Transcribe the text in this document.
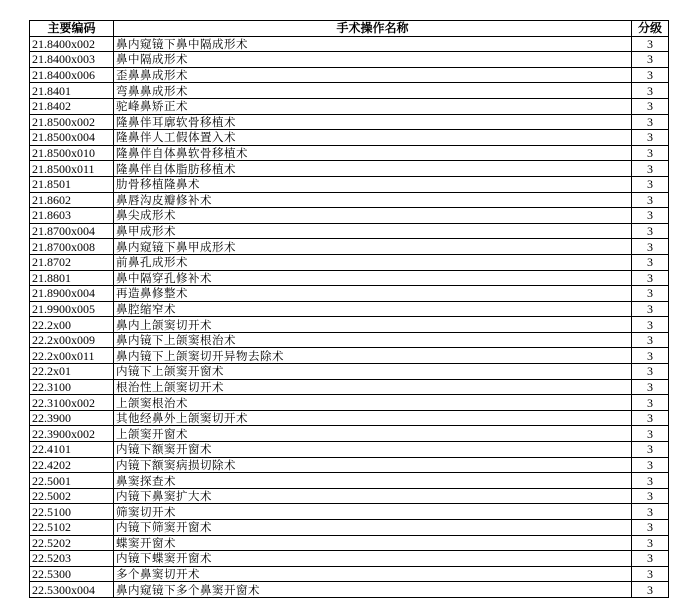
主要编码	手术操作名称	分级
21.8400x002	鼻内窥镜下鼻中隔成形术	3
21.8400x003	鼻中隔成形术	3
21.8400x006	歪鼻鼻成形术	3
21.8401	弯鼻鼻成形术	3
21.8402	驼峰鼻矫正术	3
21.8500x002	隆鼻伴耳廓软骨移植术	3
21.8500x004	隆鼻伴人工假体置入术	3
21.8500x010	隆鼻伴自体鼻软骨移植术	3
21.8500x011	隆鼻伴自体脂肪移植术	3
21.8501	肋骨移植隆鼻术	3
21.8602	鼻唇沟皮瓣修补术	3
21.8603	鼻尖成形术	3
21.8700x004	鼻甲成形术	3
21.8700x008	鼻内窥镜下鼻甲成形术	3
21.8702	前鼻孔成形术	3
21.8801	鼻中隔穿孔修补术	3
21.8900x004	再造鼻修整术	3
21.9900x005	鼻腔缩窄术	3
22.2x00	鼻内上颌窦切开术	3
22.2x00x009	鼻内镜下上颌窦根治术	3
22.2x00x011	鼻内镜下上颌窦切开异物去除术	3
22.2x01	内镜下上颌窦开窗术	3
22.3100	根治性上颌窦切开术	3
22.3100x002	上颌窦根治术	3
22.3900	其他经鼻外上颌窦切开术	3
22.3900x002	上颌窦开窗术	3
22.4101	内镜下额窦开窗术	3
22.4202	内镜下额窦病损切除术	3
22.5001	鼻窦探查术	3
22.5002	内镜下鼻窦扩大术	3
22.5100	筛窦切开术	3
22.5102	内镜下筛窦开窗术	3
22.5202	蝶窦开窗术	3
22.5203	内镜下蝶窦开窗术	3
22.5300	多个鼻窦切开术	3
22.5300x004	鼻内窥镜下多个鼻窦开窗术	3
